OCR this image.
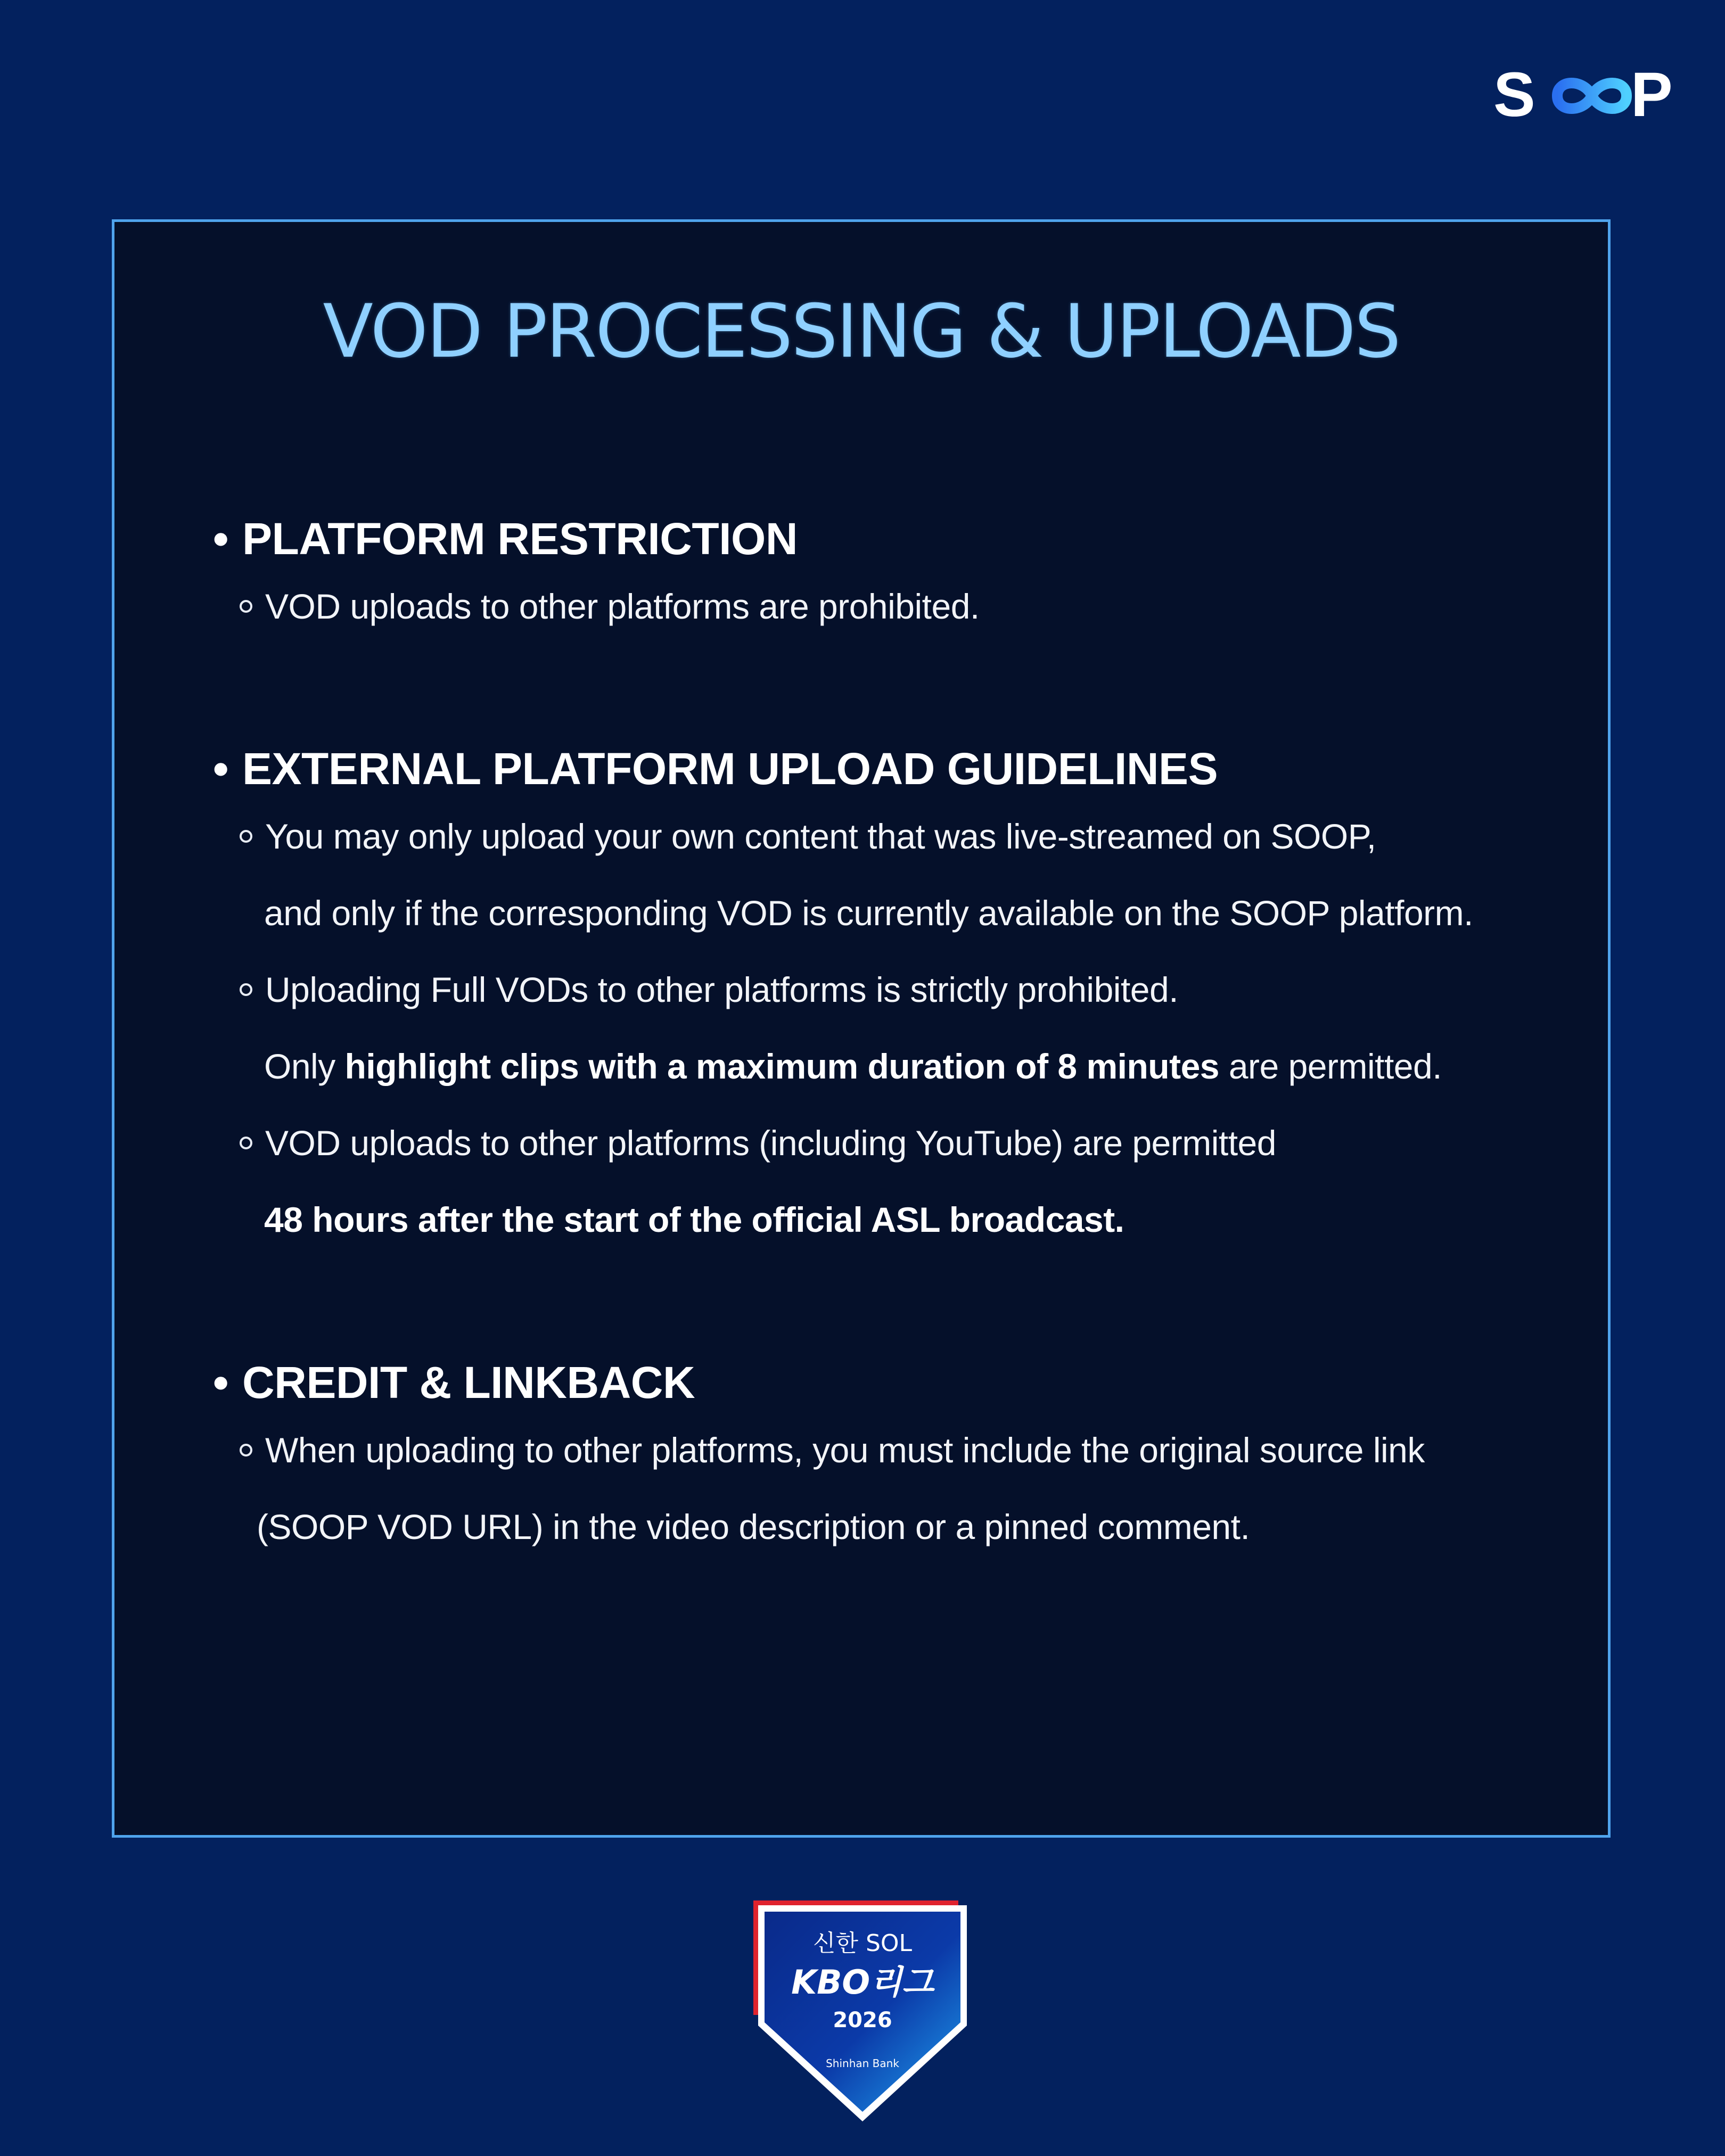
S P
VOD PROCESSING & UPLOADS
• PLATFORM RESTRICTION
VOD uploads to other platforms are prohibited.
• EXTERNAL PLATFORM UPLOAD GUIDELINES
You may only upload your own content that was live-streamed on SOOP,
and only if the corresponding VOD is currently available on the SOOP platform.
Uploading Full VODs to other platforms is strictly prohibited.
Only highlight clips with a maximum duration of 8 minutes are permitted.
VOD uploads to other platforms (including YouTube) are permitted
48 hours after the start of the official ASL broadcast.
• CREDIT & LINKBACK
When uploading to other platforms, you must include the original source link
(SOOP VOD URL) in the video description or a pinned comment.
신한 SOL
KBO리그
2026
Shinhan Bank
